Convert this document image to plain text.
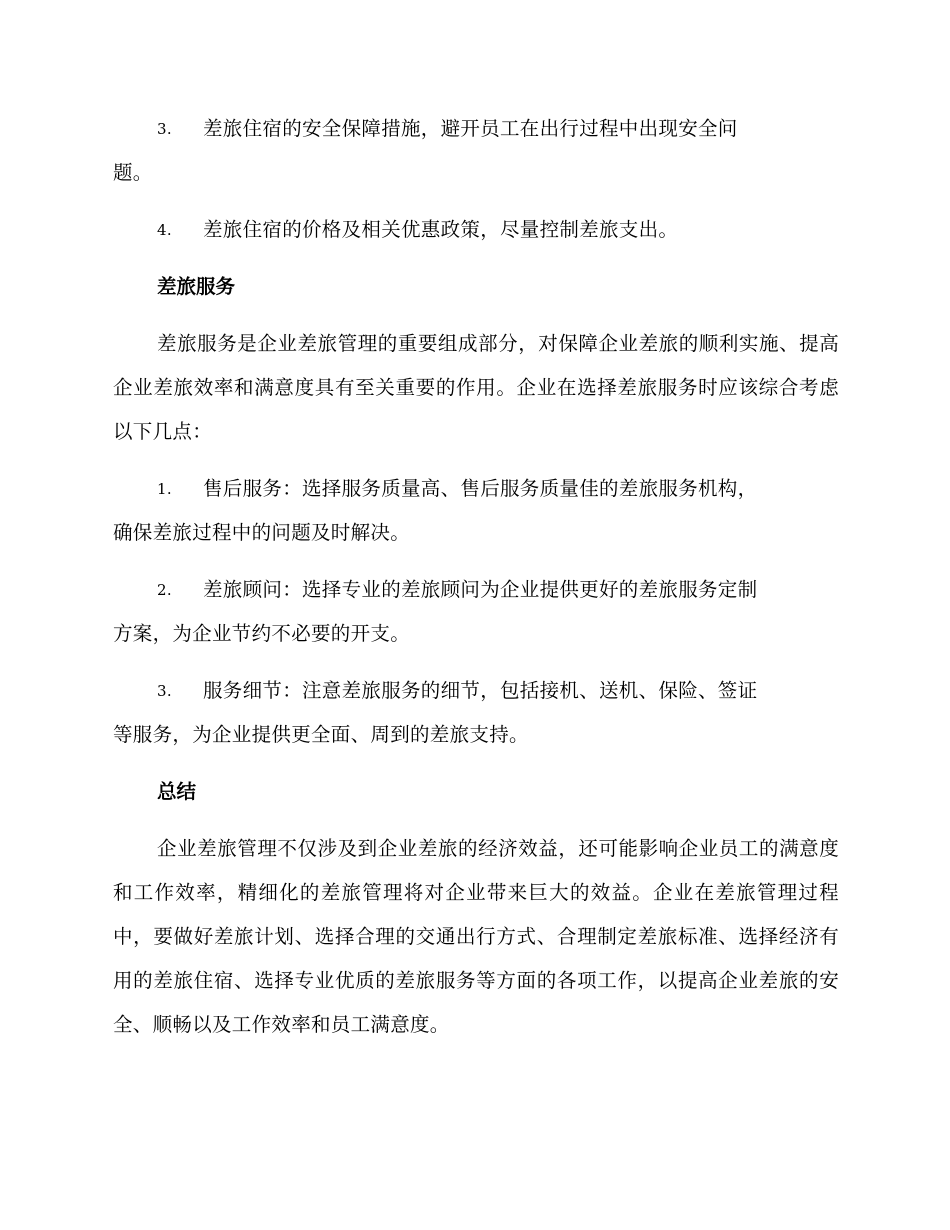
3. 差旅住宿的安全保障措施，避开员工在出行过程中出现安全问
题。
4. 差旅住宿的价格及相关优惠政策，尽量控制差旅支出。
差旅服务

差旅服务是企业差旅管理的重要组成部分，对保障企业差旅的顺利实施、提高企业差旅效率和满意度具有至关重要的作用。企业在选择差旅服务时应该综合考虑以下几点：

1. 售后服务：选择服务质量高、售后服务质量佳的差旅服务机构，
确保差旅过程中的问题及时解决。
2. 差旅顾问：选择专业的差旅顾问为企业提供更好的差旅服务定制
方案，为企业节约不必要的开支。
3. 服务细节：注意差旅服务的细节，包括接机、送机、保险、签证
等服务，为企业提供更全面、周到的差旅支持。
总结

企业差旅管理不仅涉及到企业差旅的经济效益，还可能影响企业员工的满意度和工作效率，精细化的差旅管理将对企业带来巨大的效益。企业在差旅管理过程中，要做好差旅计划、选择合理的交通出行方式、合理制定差旅标准、选择经济有用的差旅住宿、选择专业优质的差旅服务等方面的各项工作，以提高企业差旅的安全、顺畅以及工作效率和员工满意度。
